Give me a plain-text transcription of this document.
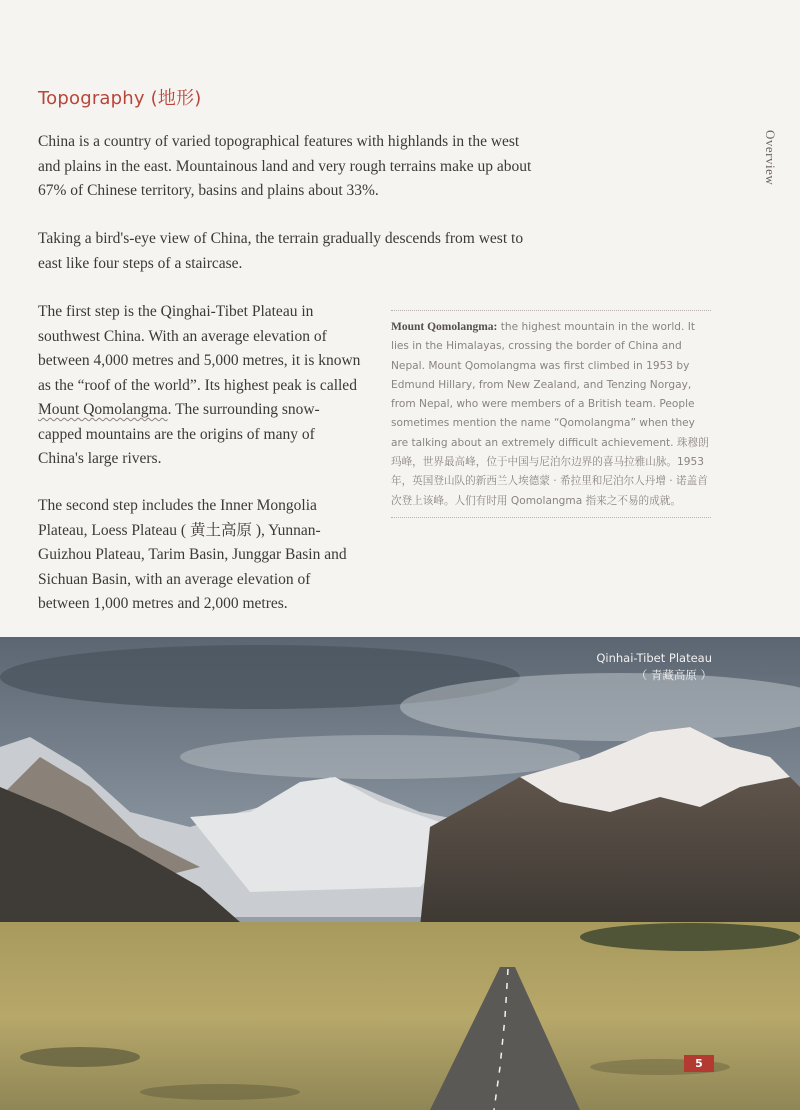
Topography (地形)
Overview

China is a country of varied topographical features with highlands in the west and plains in the east. Mountainous land and very rough terrains make up about 67% of Chinese territory, basins and plains about 33%.

Taking a bird's-eye view of China, the terrain gradually descends from west to east like four steps of a staircase.

The first step is the Qinghai-Tibet Plateau in southwest China. With an average elevation of between 4,000 metres and 5,000 metres, it is known as the “roof of the world”. Its highest peak is called Mount Qomolangma. The surrounding snow-capped mountains are the origins of many of China's large rivers.

The second step includes the Inner Mongolia Plateau, Loess Plateau ( 黄土高原 ), Yunnan-Guizhou Plateau, Tarim Basin, Junggar Basin and Sichuan Basin, with an average elevation of between 1,000 metres and 2,000 metres.

Mount Qomolangma: the highest mountain in the world. It lies in the Himalayas, crossing the border of China and Nepal. Mount Qomolangma was first climbed in 1953 by Edmund Hillary, from New Zealand, and Tenzing Norgay, from Nepal, who were members of a British team. People sometimes mention the name “Qomolangma” when they are talking about an extremely difficult achievement. 珠穆朗玛峰，世界最高峰，位于中国与尼泊尔边界的喜马拉雅山脉。1953 年，英国登山队的新西兰人埃德蒙 · 希拉里和尼泊尔人丹增 · 诺盖首次登上该峰。人们有时用 Qomolangma 指来之不易的成就。
Qinhai-Tibet Plateau
（ 青藏高原 ）
5
